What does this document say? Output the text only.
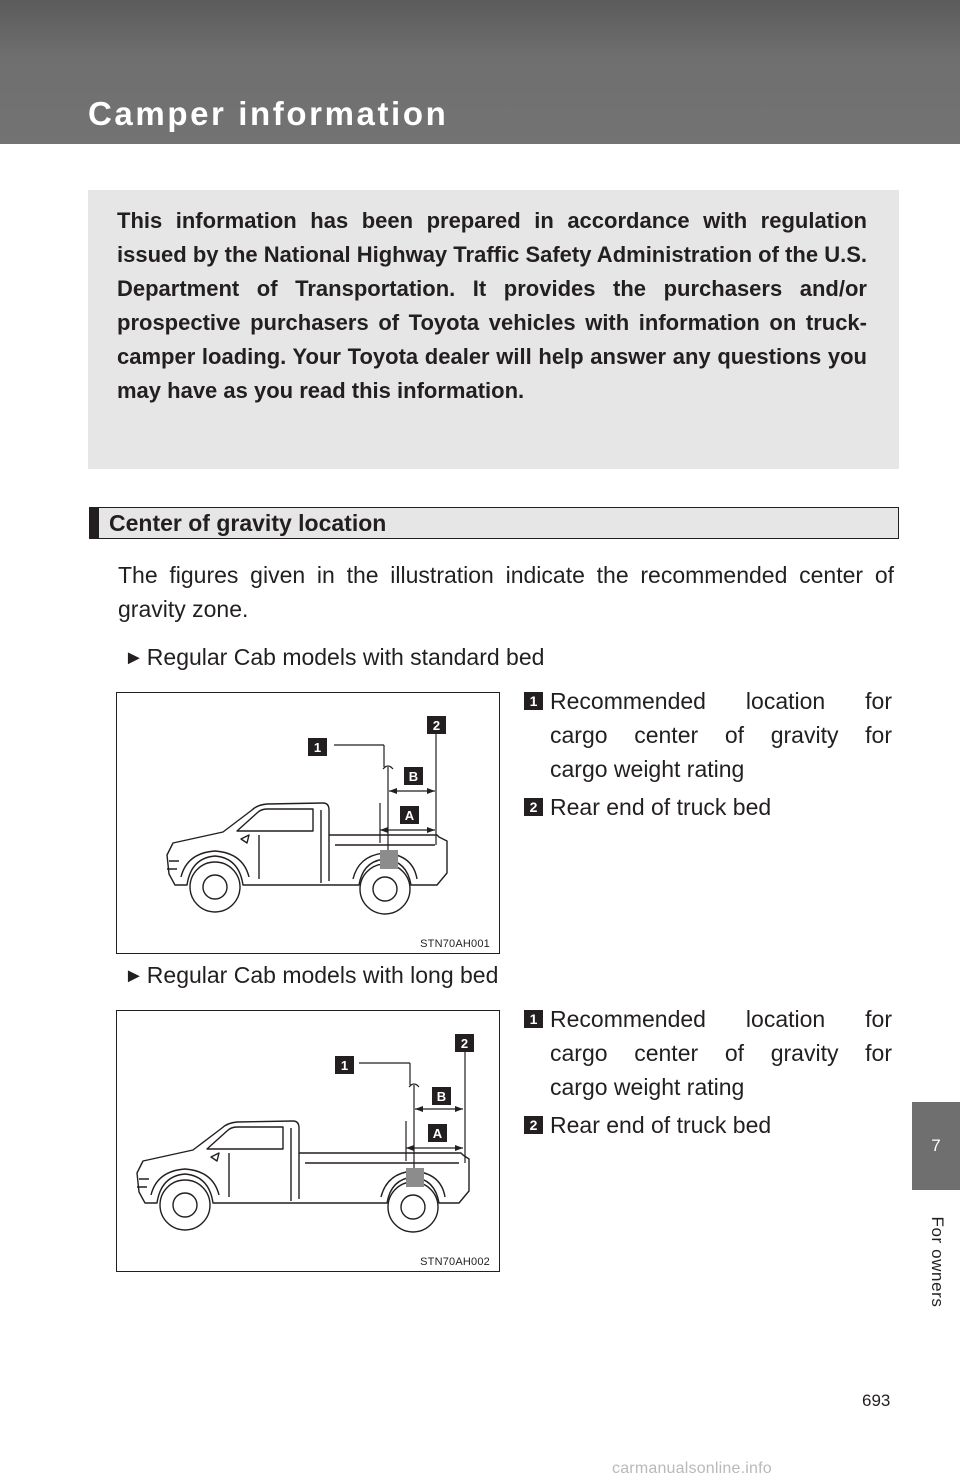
Camper information

This information has been prepared in accordance with regulation issued by the National Highway Traffic Safety Administration of the U.S. Department of Transportation. It provides the purchasers and/or prospective purchasers of Toyota vehicles with information on truck-camper loading. Your Toyota dealer will help answer any questions you may have as you read this information.

Center of gravity location

The figures given in the illustration indicate the recommended center of gravity zone.

► Regular Cab models with standard bed
1
2
B
A
STN70AH001
1 Recommended location for
cargo center of gravity for
cargo weight rating
2 Rear end of truck bed
► Regular Cab models with long bed
1
2
B
A
STN70AH002
1 Recommended location for
cargo center of gravity for
cargo weight rating
2 Rear end of truck bed
7
For owners
693
carmanualsonline.info
